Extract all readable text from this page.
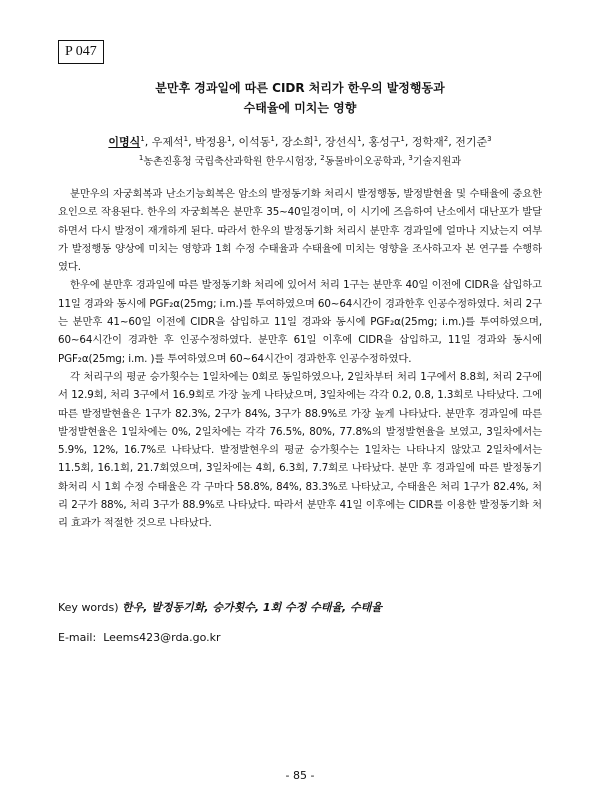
P 047
분만후 경과일에 따른 CIDR 처리가 한우의 발정행동과
수태율에 미치는 영향
이명식$^1$, 우제석$^1$, 박정용$^1$, 이석동$^1$, 장소희$^1$, 장선식$^1$, 홍성구$^1$, 정학재$^2$, 전기준$^3$
$^1$농촌진흥청 국립축산과학원 한우시험장, $^2$동물바이오공학과, $^3$기술지원과

분만우의 자궁회복과 난소기능회복은 암소의 발정동기화 처리시 발정행동, 발정발현율 및 수태율에 중요한 요인으로 작용된다. 한우의 자궁회복은 분만후 35~40일경이며, 이 시기에 즈음하여 난소에서 대난포가 발달하면서 다시 발정이 재개하게 된다. 따라서 한우의 발정동기화 처리시 분만후 경과일에 얼마나 지났는지 여부가 발정행동 양상에 미치는 영향과 1회 수정 수태율과 수태율에 미치는 영향을 조사하고자 본 연구를 수행하였다.

한우에 분만후 경과일에 따른 발정동기화 처리에 있어서 처리 1구는 분만후 40일 이전에 CIDR을 삽입하고 11일 경과와 동시에 PGF₂α(25mg; i.m.)를 투여하였으며 60~64시간이 경과한후 인공수정하였다. 처리 2구는 분만후 41~60일 이전에 CIDR을 삽입하고 11일 경과와 동시에 PGF₂α(25mg; i.m.)를 투여하였으며, 60~64시간이 경과한 후 인공수정하였다. 분만후 61일 이후에 CIDR을 삽입하고, 11일 경과와 동시에 PGF₂α(25mg; i.m. )를 투여하였으며 60~64시간이 경과한후 인공수정하였다.

각 처리구의 평균 승가횟수는 1일차에는 0회로 동일하였으나, 2일차부터 처리 1구에서 8.8회, 처리 2구에서 12.9회, 처리 3구에서 16.9회로 가장 높게 나타났으며, 3일차에는 각각 0.2, 0.8, 1.3회로 나타났다. 그에 따른 발정발현율은 1구가 82.3%, 2구가 84%, 3구가 88.9%로 가장 높게 나타났다. 분만후 경과일에 따른 발정발현율은 1일차에는 0%, 2일차에는 각각 76.5%, 80%, 77.8%의 발정발현율을 보였고, 3일차에서는 5.9%, 12%, 16.7%로 나타났다. 발정발현우의 평균 승가횟수는 1일차는 나타나지 않았고 2일차에서는 11.5회, 16.1회, 21.7회였으며, 3일차에는 4회, 6.3회, 7.7회로 나타났다. 분만 후 경과일에 따른 발정동기화처리 시 1회 수정 수태율은 각 구마다 58.8%, 84%, 83.3%로 나타났고, 수태율은 처리 1구가 82.4%, 처리 2구가 88%, 처리 3구가 88.9%로 나타났다. 따라서 분만후 41일 이후에는 CIDR를 이용한 발정동기화 처리 효과가 적절한 것으로 나타났다.

Key words) 한우, 발정동기화, 승가횟수, 1회 수정 수태율, 수태율
E-mail: Leems423@rda.go.kr
- 85 -
